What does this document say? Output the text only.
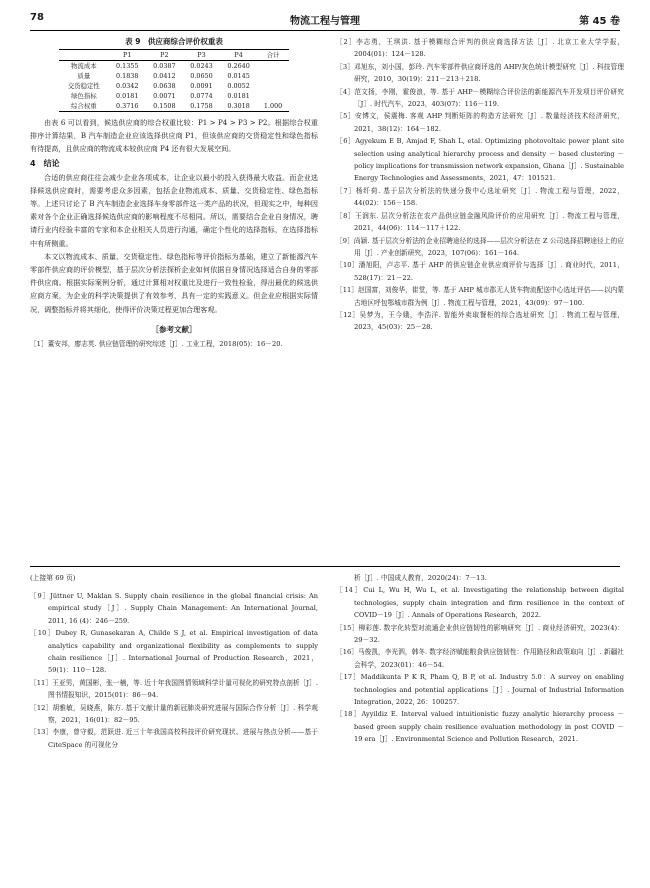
78	物流工程与管理	第 45 卷
表 9　供应商综合评价权重表
	P1	P2	P3	P4	合计
物流成本	0.1355	0.0387	0.0243	0.2640	
质量	0.1838	0.0412	0.0650	0.0145	
交货稳定性	0.0342	0.0638	0.0091	0.0052	
绿色指标	0.0181	0.0071	0.0774	0.0181	
综合权重	0.3716	0.1508	0.1758	0.3018	1.000

由表 6 可以看到，候选供应商的综合权重比较：P1 > P4 > P3 > P2。根据综合权重排序计算结果，B 汽车制造企业应该选择供应商 P1，但该供应商的交货稳定性和绿色指标有待提高，且供应商的物流成本较供应商 P4 还有很大发展空间。

4　结论

合适的供应商往往会减少企业各项成本，让企业以最小的投入获得最大收益。而企业选择候选供应商时，需要考虑众多因素，包括企业物流成本、质量、交货稳定性、绿色指标等。上述只讨论了 B 汽车制造企业选择车身零部件这一类产品的状况，但现实之中，每种因素对各个企业正确选择候选供应商的影响程度不尽相同。所以，需要结合企业自身情况，聘请行业内经验丰富的专家和本企业相关人员进行沟通，确定个性化的选择指标，在选择指标中有所侧重。

本文以物流成本、质量、交货稳定性、绿色指标等评价指标为基础，建立了新能源汽车零部件供应商的评价模型，基于层次分析法探析企业如何依据自身情况选择适合自身的零部件供应商。根据实际案例分析，通过计算相对权重比及进行一致性检验，得出最优的候选供应商方案，为企业的科学决策提供了有效参考，具有一定的实践意义。但企业应根据实际情况，调整指标并将其细化，使得评价决策过程更加合理客观。

［参考文献］

［1］董安邦，廖志英. 供应链管理的研究综述［J］. 工业工程，2018(05)：16－20.

［2］李志勇，王琪洪. 基于模糊综合评判的供应商选择方法［J］. 北京工业大学学报，2004(01)：124－128.

［3］邓旭东，刘小国，彭玲. 汽车零部件供应商评选的 AHP/灰色统计模型研究［J］. 科技管理研究，2010，30(19)：211－213＋218.

［4］范文扬，李刚，霍俊浪，等. 基于 AHP－模糊综合评价法的新能源汽车开发项目评价研究［J］. 时代汽车，2023，403(07)：116－119.

［5］安博文，侯震梅. 客观 AHP 判断矩阵的构造方法研究［J］. 数量经济技术经济研究，2021，38(12)：164－182.

［6］Agyekum E B, Amjad F, Shah L, etal. Optimizing photovoltaic power plant site selection using analytical hierarchy process and density － based clustering － policy implications for transmission network expansion, Ghana［J］. Sustainable Energy Technologies and Assessments，2021，47：101521.

［7］杨纤荷. 基于层次分析法的快递分拨中心选址研究［J］. 物流工程与管理，2022，44(02)：156－158.

［8］王润东. 层次分析法在农产品供应链金融风险评价的应用研究［J］. 物流工程与管理，2021，44(06)：114－117＋122.

［9］尚颖. 基于层次分析法的企业招聘途径的选择——层次分析法在 Z 公司选择招聘途径上的应用［J］. 产业创新研究，2023，107(06)：161－164.

［10］潘旭阳，卢志平. 基于 AHP 的供应链企业供应商评价与选择［J］. 商业时代，2011，528(17)：21－22.

［11］赵国富，刘俊华，崔堂，等. 基于 AHP 城市郡无人货车物流配送中心选址评估——以内蒙古地区呼包鄂城市群为例［J］. 物流工程与管理，2021，43(09)：97－100.

［12］吴梦为，王今娥，李浩洋. 智能外卖取餐柜的综合选址研究［J］. 物流工程与管理，2023，45(03)：25－28.

(上接第 69 页)

［9］Jüttner U, Maklan S. Supply chain resilience in the global financial crisis: An empirical study［J］. Supply Chain Management: An International Journal, 2011, 16 (4)：246－259.

［10］Dubey R, Gunasekaran A, Childe S J, et al. Empirical investigation of data analytics capability and organizational flexibility as complements to supply chain resilience［J］. International Journal of Production Research，2021，59(1)：110－128.

［11］王亚男，黄国彬，张一楠，等. 近十年我国图情领域科学计量可视化的研究特点剖析［J］. 图书情报知识，2015(01)：86－94.

［12］胡雅敏，吴晓燕，陈方. 基于文献计量的新冠肺炎研究进展与国际合作分析［J］. 科学观察，2021，16(01)：82－95.

［13］李康，曾守毅，范跃进. 近三十年我国高校科技评价研究现状、进展与热点分析——基于 CiteSpace 的可视化分

析［J］. 中国成人教育，2020(24)：7－13.

［14］Cui L, Wu H, Wu L, et al. Investigating the relationship between digital technologies, supply chain integration and firm resilience in the context of COVID－19［J］. Annals of Operations Research，2022.

［15］柳彩莲. 数字化转型对流通企业供应链韧性的影响研究［J］. 商业经济研究，2023(4)：29－32.

［16］马俊凯，李光泗，韩冬. 数字经济赋能粮食供应链韧性：作用路径和政策取向［J］. 新疆社会科学，2023(01)：46－54.

［17］Maddikunta P K R, Pham Q, B P, et al. Industry 5.0：A survey on enabling technologies and potential applications［J］. Journal of Industrial Information Integration, 2022, 26：100257.

［18］Ayyildiz E. Interval valued intuitionistic fuzzy analytic hierarchy process － based green supply chain resilience evaluation methodology in post COVID － 19 era［J］. Environmental Science and Pollution Research，2021.
